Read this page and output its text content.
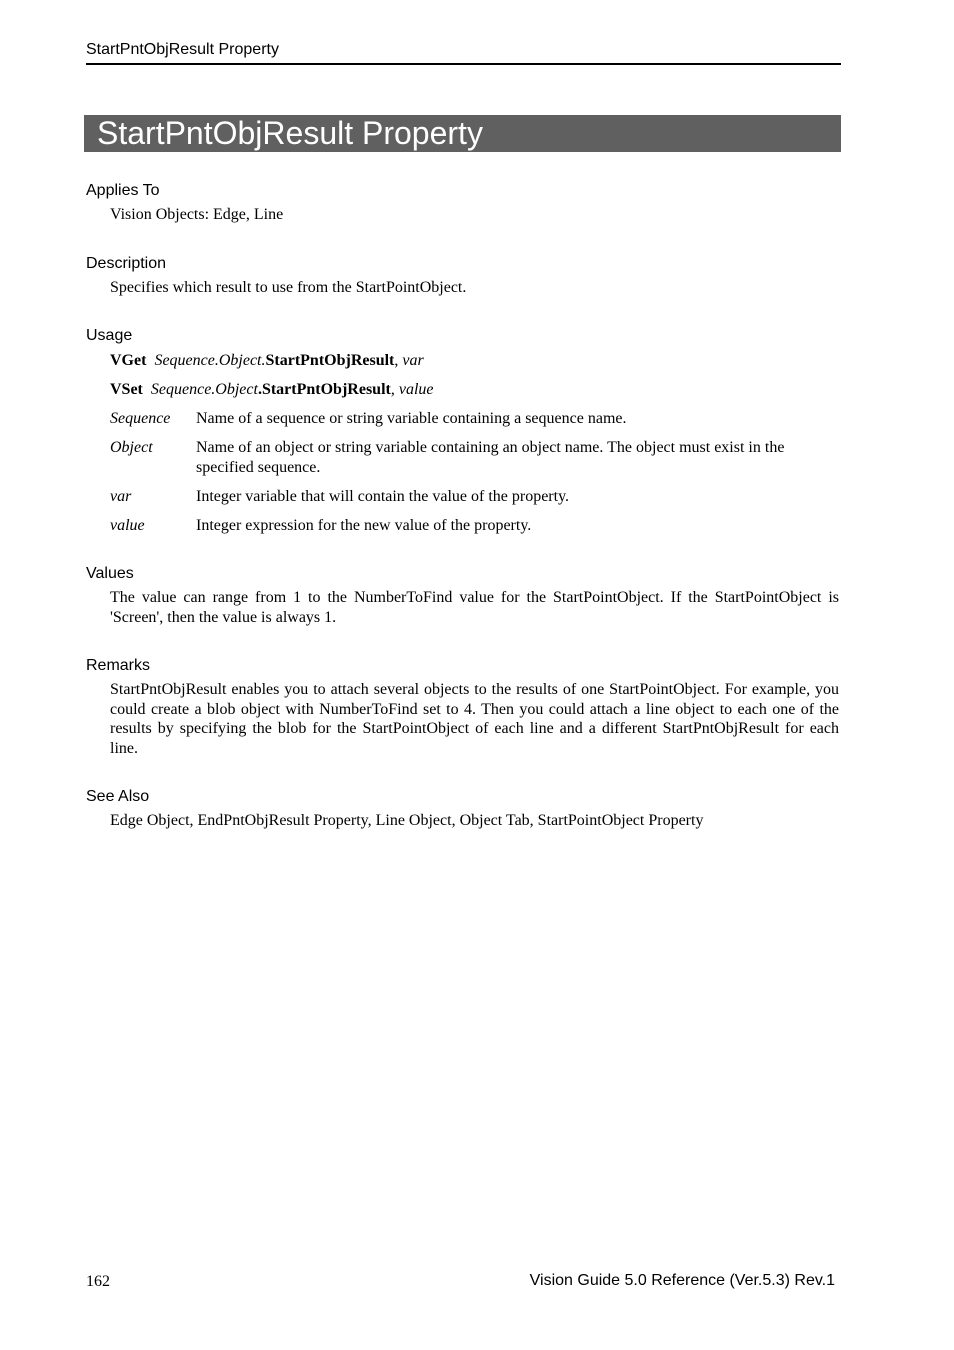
StartPntObjResult Property
StartPntObjResult Property
Applies To
Vision Objects: Edge, Line
Description
Specifies which result to use from the StartPointObject.
Usage
VGet Sequence.Object.StartPntObjResult, var
VSet Sequence.Object.StartPntObjResult, value
Sequence Name of a sequence or string variable containing a sequence name.
Object	Name of an object or string variable containing an object name. The object must exist in the specified sequence.
var	Integer variable that will contain the value of the property.
value	Integer expression for the new value of the property.
Values
The value can range from 1 to the NumberToFind value for the StartPointObject. If the StartPointObject is 'Screen', then the value is always 1.
Remarks
StartPntObjResult enables you to attach several objects to the results of one StartPointObject. For example, you could create a blob object with NumberToFind set to 4. Then you could attach a line object to each one of the results by specifying the blob for the StartPointObject of each line and a different StartPntObjResult for each line.
See Also
Edge Object, EndPntObjResult Property, Line Object, Object Tab, StartPointObject Property
162	Vision Guide 5.0 Reference (Ver.5.3) Rev.1
